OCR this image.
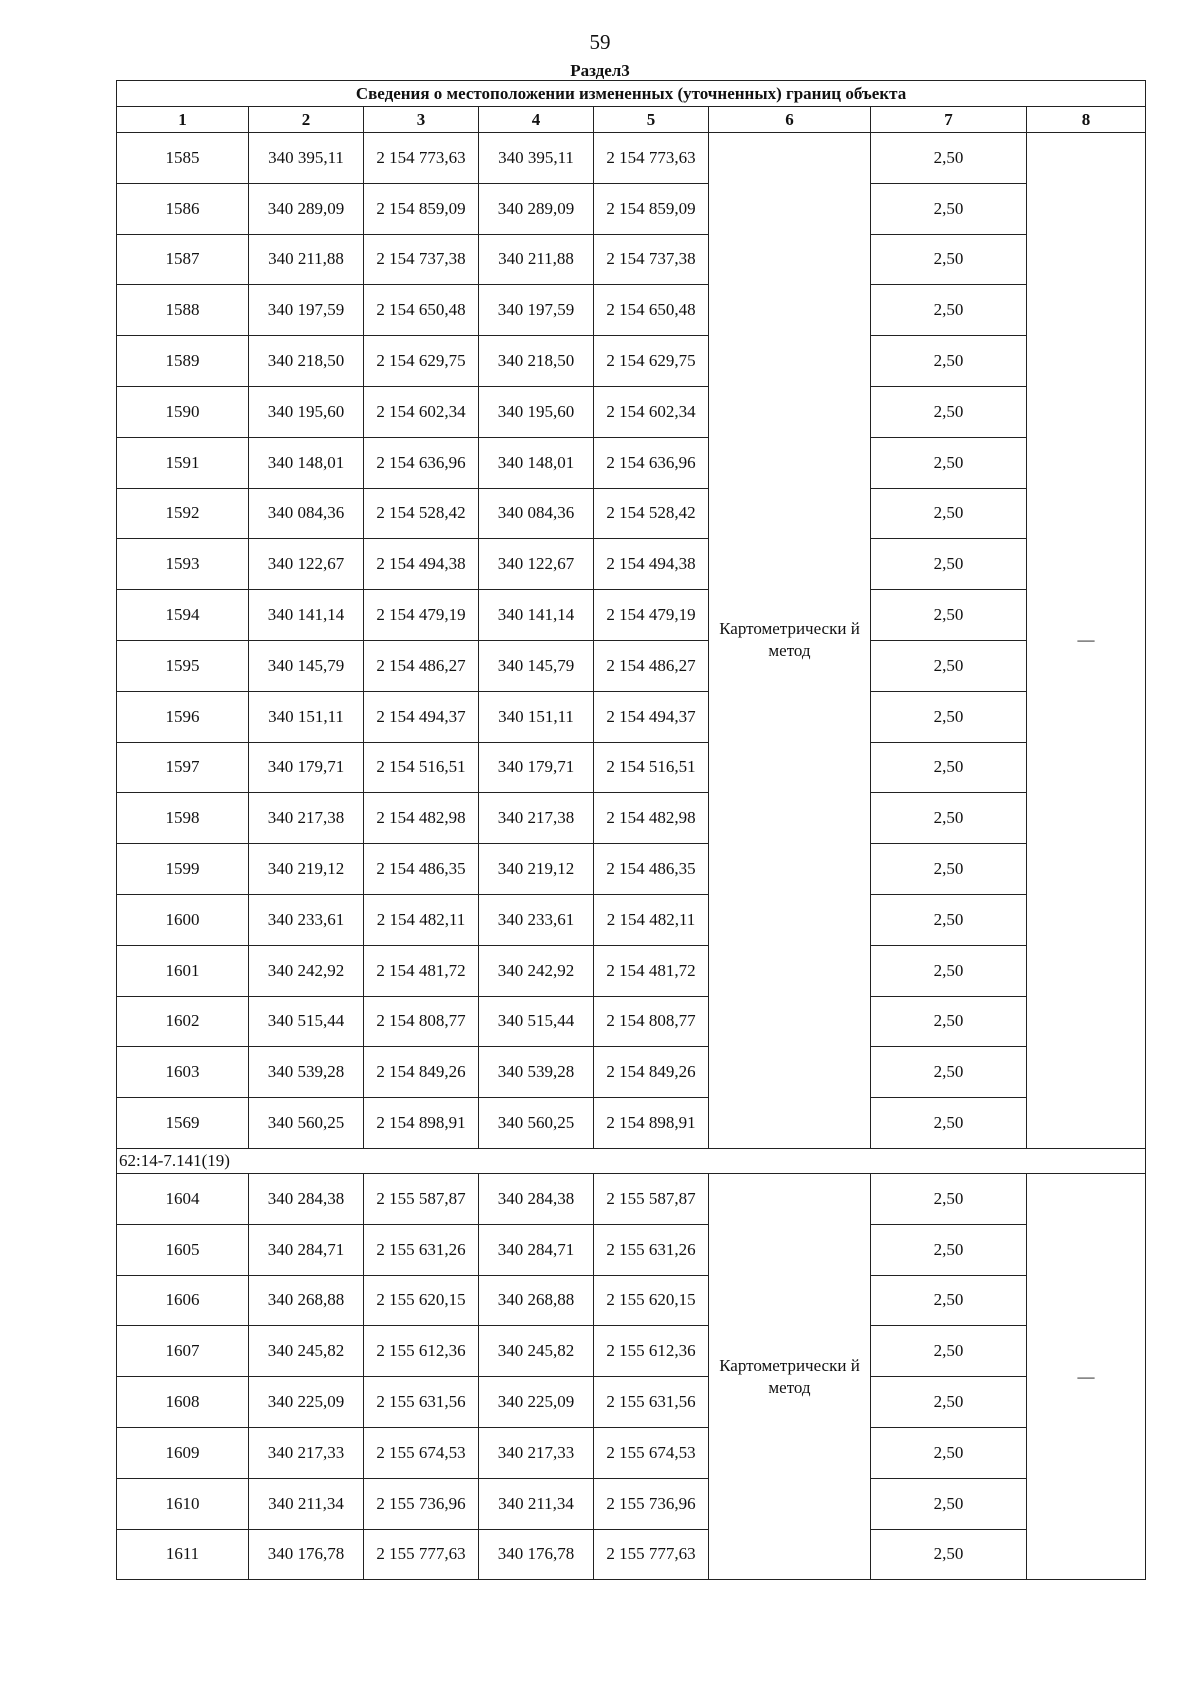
59
Раздел3
Сведения о местоположении измененных (уточненных) границ объекта							
1	2	3	4	5	6	7	8
1585	340 395,11	2 154 773,63	340 395,11	2 154 773,63	Картометрически й метод	2,50	—
1586	340 289,09	2 154 859,09	340 289,09	2 154 859,09		2,50	
1587	340 211,88	2 154 737,38	340 211,88	2 154 737,38		2,50	
1588	340 197,59	2 154 650,48	340 197,59	2 154 650,48		2,50	
1589	340 218,50	2 154 629,75	340 218,50	2 154 629,75		2,50	
1590	340 195,60	2 154 602,34	340 195,60	2 154 602,34		2,50	
1591	340 148,01	2 154 636,96	340 148,01	2 154 636,96		2,50	
1592	340 084,36	2 154 528,42	340 084,36	2 154 528,42		2,50	
1593	340 122,67	2 154 494,38	340 122,67	2 154 494,38		2,50	
1594	340 141,14	2 154 479,19	340 141,14	2 154 479,19		2,50	
1595	340 145,79	2 154 486,27	340 145,79	2 154 486,27		2,50	
1596	340 151,11	2 154 494,37	340 151,11	2 154 494,37		2,50	
1597	340 179,71	2 154 516,51	340 179,71	2 154 516,51		2,50	
1598	340 217,38	2 154 482,98	340 217,38	2 154 482,98		2,50	
1599	340 219,12	2 154 486,35	340 219,12	2 154 486,35		2,50	
1600	340 233,61	2 154 482,11	340 233,61	2 154 482,11		2,50	
1601	340 242,92	2 154 481,72	340 242,92	2 154 481,72		2,50	
1602	340 515,44	2 154 808,77	340 515,44	2 154 808,77		2,50	
1603	340 539,28	2 154 849,26	340 539,28	2 154 849,26		2,50	
1569	340 560,25	2 154 898,91	340 560,25	2 154 898,91		2,50	
62:14-7.141(19)							
1604	340 284,38	2 155 587,87	340 284,38	2 155 587,87	Картометрически й метод	2,50	—
1605	340 284,71	2 155 631,26	340 284,71	2 155 631,26		2,50	
1606	340 268,88	2 155 620,15	340 268,88	2 155 620,15		2,50	
1607	340 245,82	2 155 612,36	340 245,82	2 155 612,36		2,50	
1608	340 225,09	2 155 631,56	340 225,09	2 155 631,56		2,50	
1609	340 217,33	2 155 674,53	340 217,33	2 155 674,53		2,50	
1610	340 211,34	2 155 736,96	340 211,34	2 155 736,96		2,50	
1611	340 176,78	2 155 777,63	340 176,78	2 155 777,63		2,50	
